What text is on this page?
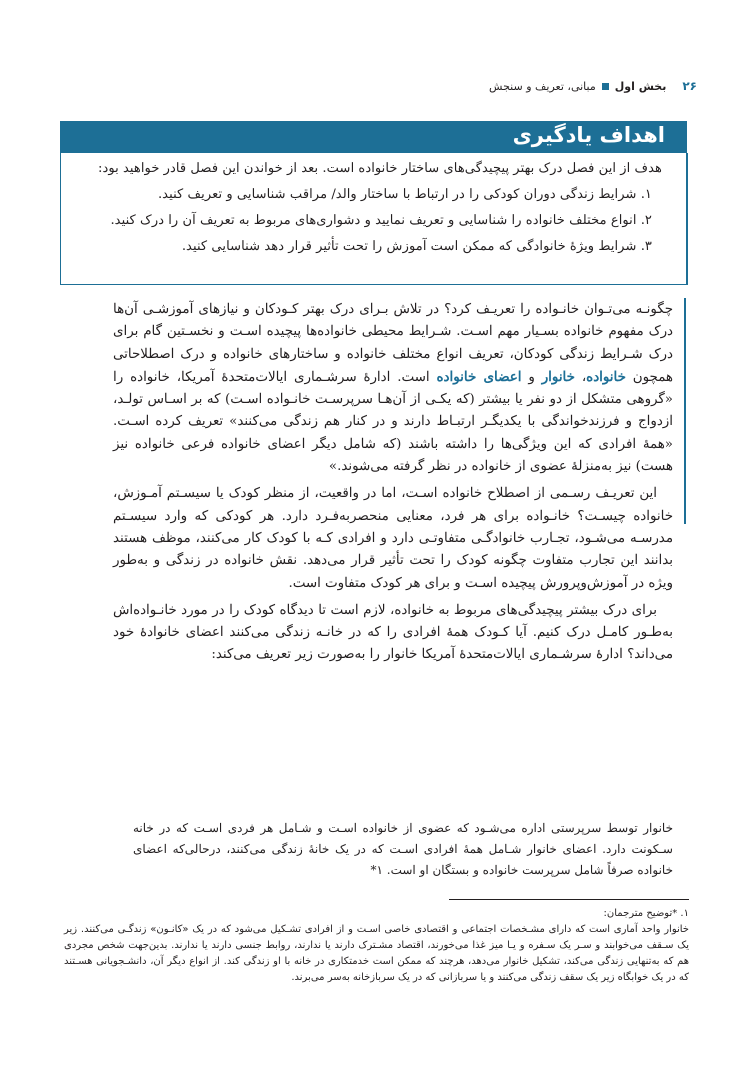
۲۶
بخش اول
مبانی، تعریف و سنجش
اهداف یادگیری
هدف از این فصل درک بهتر پیچیدگی‌های ساختار خانواده است. بعد از خواندن این فصل قادر خواهید بود:
۱. شرایط زندگی دوران کودکی را در ارتباط با ساختار والد/ مراقب شناسایی و تعریف کنید.
۲. انواع مختلف خانواده را شناسایی و تعریف نمایید و دشواری‌های مربوط به تعریف آن را درک کنید.
۳. شرایط ویژهٔ خانوادگی که ممکن است آموزش را تحت تأثیر قرار دهد شناسایی کنید.

چگونـه می‌تـوان خانـواده را تعریـف کرد؟ در تلاش بـرای درک بهتر کـودکان و نیازهای آموزشـی آن‌ها درک مفهوم خانواده بسـیار مهم اسـت. شـرایط محیطی خانواده‌ها پیچیده اسـت و نخسـتین گام برای درک شـرایط زندگی کودکان، تعریف انواع مختلف خانواده و ساختارهای خانواده و درک اصطلاحاتی همچون خانواده، خانوار و اعضای خانواده است. ادارهٔ سرشـماری ایالات‌متحدهٔ آمریکا، خانواده را «گروهی متشکل از دو نفر یا بیشتر (که یکـی از آن‌هـا سرپرسـت خانـواده اسـت) که بر اسـاس تولـد، ازدواج و فرزندخواندگی با یکدیگـر ارتبـاط دارند و در کنار هم زندگی می‌کنند» تعریف کرده اسـت. «همهٔ افرادی که این ویژگی‌ها را داشته باشند (که شامل دیگر اعضای خانواده فرعی خانواده نیز هست) نیز به‌منزلهٔ عضوی از خانواده در نظر گرفته می‌شوند.»

این تعریـف رسـمی از اصطلاح خانواده اسـت، اما در واقعیت، از منظر کودک یا سیسـتم آمـوزش، خانواده چیسـت؟ خانـواده برای هر فرد، معنایی منحصربه‌فـرد دارد. هر کودکی که وارد سیسـتم مدرسـه می‌شـود، تجـارب خانوادگـی متفاوتـی دارد و افرادی کـه با کودک کار می‌کنند، موظف هستند بدانند این تجارب متفاوت چگونه کودک را تحت تأثیر قرار می‌دهد. نقش خانواده در زندگی و به‌طور ویژه در آموزش‌وپرورش پیچیده اسـت و برای هر کودک متفاوت است.

برای درک بیشتر پیچیدگی‌های مربوط به خانواده، لازم است تا دیدگاه کودک را در مورد خانـواده‌اش به‌طـور کامـل درک کنیم. آیا کـودک همهٔ افرادی را که در خانـه زندگی می‌کنند اعضای خانوادهٔ خود می‌داند؟ ادارهٔ سرشـماری ایالات‌متحدهٔ آمریکا خانوار را به‌صورت زیر تعریف می‌کند:

خانوار توسط سرپرستی اداره می‌شـود که عضوی از خانواده اسـت و شـامل هر فردی اسـت که در خانه سـکونت دارد. اعضای خانوار شـامل همهٔ افرادی اسـت که در یک خانهٔ زندگی می‌کنند، درحالی‌که اعضای خانواده صرفاً شامل سرپرست خانواده و بستگان او است. ۱*

۱. *توضیح مترجمان:

خانوار واحد آماری است که دارای مشـخصات اجتماعی و اقتصادی خاصی اسـت و از افرادی تشـکیل می‌شود که در یک «کانـون» زندگـی می‌کنند. زیر یک سـقف می‌خوابند و سـر یک سـفره و یـا میز غذا می‌خورند، اقتصاد مشـترک دارند یا ندارند، روابط جنسی دارند یا ندارند. بدین‌جهت شخص مجردی هم که به‌تنهایی زندگی می‌کند، تشکیل خانوار می‌دهد، هرچند که ممکن است خدمتکاری در خانه با او زندگی کند. از انواع دیگر آن، دانشـجویانی هسـتند که در یک خوابگاه زیر یک سقف زندگی می‌کنند و یا سربازانی که در یک سربازخانه به‌سر می‌برند.
